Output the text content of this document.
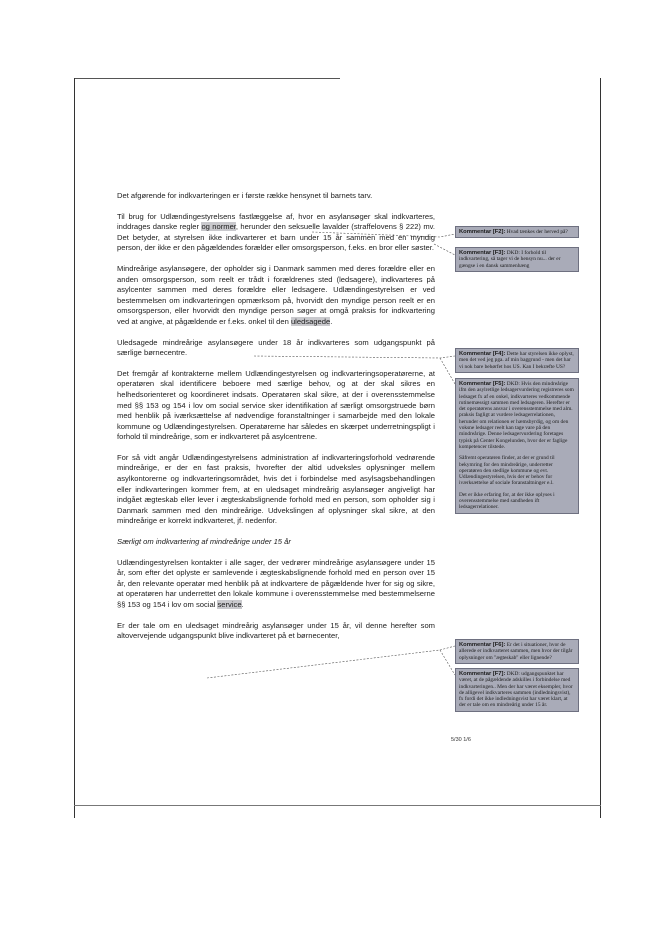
Det afgørende for indkvarteringen er i første række hensynet til barnets tarv.

Til brug for Udlændingestyrelsens fastlæggelse af, hvor en asylansøger skal indkvarteres, inddrages danske regler og normer, herunder den seksuelle lavalder (straffelovens § 222) mv. Det betyder, at styrelsen ikke indkvarterer et barn under 15 år sammen med en myndig person, der ikke er den pågældendes forælder eller omsorgsperson, f.eks. en bror eller søster.

Mindreårige asylansøgere, der opholder sig i Danmark sammen med deres forældre eller en anden omsorgsperson, som reelt er trådt i forældrenes sted (ledsagere), indkvarteres på asylcenter sammen med deres forældre eller ledsagere. Udlændingestyrelsen er ved bestemmelsen om indkvarteringen opmærksom på, hvorvidt den myndige person reelt er en omsorgsperson, eller hvorvidt den myndige person søger at omgå praksis for indkvartering ved at angive, at pågældende er f.eks. onkel til den uledsagede.

Uledsagede mindreårige asylansøgere under 18 år indkvarteres som udgangspunkt på særlige børnecentre.

Det fremgår af kontrakterne mellem Udlændingestyrelsen og indkvarteringsoperatørerne, at operatøren skal identificere beboere med særlige behov, og at der skal sikres en helhedsorienteret og koordineret indsats. Operatøren skal sikre, at der i overensstemmelse med §§ 153 og 154 i lov om social service sker identifikation af særligt omsorgstruede børn med henblik på iværksættelse af nødvendige foranstaltninger i samarbejde med den lokale kommune og Udlændingestyrelsen. Operatørerne har således en skærpet underretningspligt i forhold til mindreårige, som er indkvarteret på asylcentrene.

For så vidt angår Udlændingestyrelsens administration af indkvarteringsforhold vedrørende mindreårige, er der en fast praksis, hvorefter der altid udveksles oplysninger mellem asylkontorerne og indkvarteringsområdet, hvis det i forbindelse med asylsagsbehandlingen eller indkvarteringen kommer frem, at en uledsaget mindreårig asylansøger angiveligt har indgået ægteskab eller lever i ægteskabslignende forhold med en person, som opholder sig i Danmark sammen med den mindreårige. Udvekslingen af oplysninger skal sikre, at den mindreårige er korrekt indkvarteret, jf. nedenfor.

Særligt om indkvartering af mindreårige under 15 år

Udlændingestyrelsen kontakter i alle sager, der vedrører mindreårige asylansøgere under 15 år, som efter det oplyste er samlevende i ægteskabslignende forhold med en person over 15 år, den relevante operatør med henblik på at indkvartere de pågældende hver for sig og sikre, at operatøren har underrettet den lokale kommune i overensstemmelse med bestemmelserne §§ 153 og 154 i lov om social service.

Er der tale om en uledsaget mindreårig asylansøger under 15 år, vil denne herefter som altovervejende udgangspunkt blive indkvarteret på et børnecenter,

Kommentar [F2]: Hvad tænkes der herved på?
Kommentar [F3]: DKD: I forhold til indkvartering, så tager vi de hensyn nu... der er gængse i en dansk sammenhæng
Kommentar [F4]: Dette har styrelsen ikke oplyst, men det ved jeg pga. af min baggrund - men det har vi nok bare behørfet hos US. Kan I bekræfte US?

Kommentar [F5]: DKD: Hvis den mindreårige ifm den asylretlige ledsagervurdering registreres som ledsaget fx af en onkel, indkvarteres vedkommende rutinemæssigt sammen med ledsageren. Herefter er det operatørens ansvar i overensstemmelse med alm. praksis fagligt at vurdere ledsagerrelationen, herunder om relationen er hæmsbyrdig, og om den voksne ledsager reelt kan tage vare på den mindreårige. Denne ledsagervurdering foretages typisk på Center Kongelunden, hvor der er faglige kompetencer tilstede.

Såfremt operatøren finder, at der er grund til bekymring for den mindreårige, underretter operatøren den stedlige kommune og evt. Udlændingestyrelsen, hvis der er behov for iværksættelse af sociale foranstaltninger e.l.

Det er ikke erfaring for, at der ikke oplyses i overensstemmelse med sandheden ift ledsagerrelationer.

Kommentar [F6]: Er det i situationer, hvor de allerede er indkvarteret sammen, men hvor der tilgår oplysninger om "ægteskab" eller lignende?
Kommentar [F7]: DKD: udgangspunktet har været, at de pågældende adskilles i forbindelse med indkvarteringen.. Men der har været eksempler, hvor de alligevel indkvarteres sammen (indledningsvist), fx fordi det ikke indledningsvist har været klart, at der er tale om en mindreårig under 15 år.
5/30 1/6
